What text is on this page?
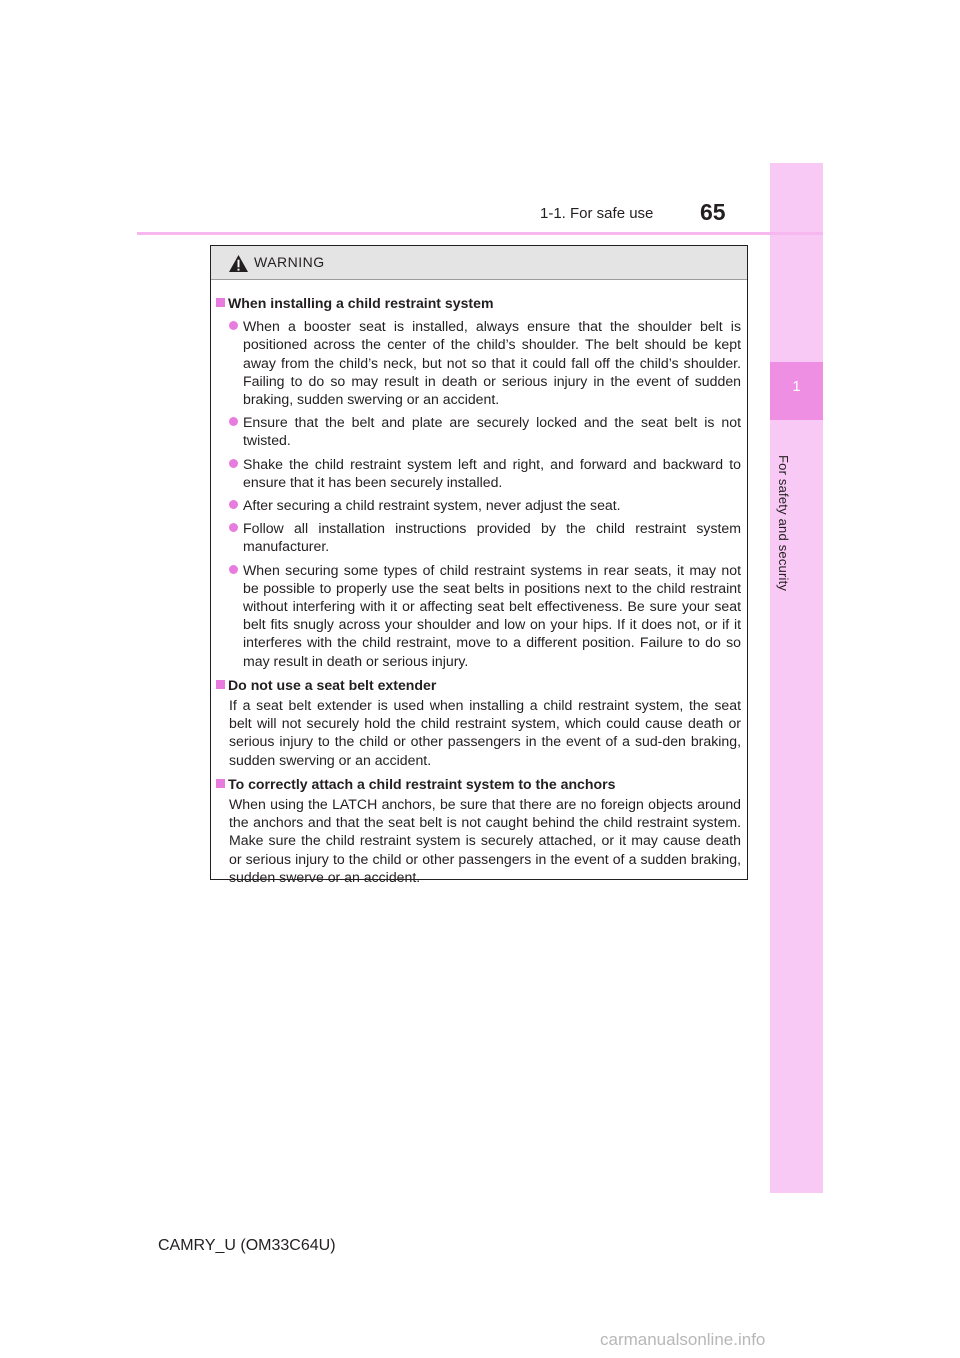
1
For safety and security
1-1. For safe use 65
WARNING
When installing a child restraint system
When a booster seat is installed, always ensure that the shoulder belt is positioned across the center of the child’s shoulder. The belt should be kept away from the child’s neck, but not so that it could fall off the child’s shoulder. Failing to do so may result in death or serious injury in the event of sudden braking, sudden swerving or an accident.
Ensure that the belt and plate are securely locked and the seat belt is not twisted.
Shake the child restraint system left and right, and forward and backward to ensure that it has been securely installed.
After securing a child restraint system, never adjust the seat.
Follow all installation instructions provided by the child restraint system manufacturer.
When securing some types of child restraint systems in rear seats, it may not be possible to properly use the seat belts in positions next to the child restraint without interfering with it or affecting seat belt effectiveness. Be sure your seat belt fits snugly across your shoulder and low on your hips. If it does not, or if it interferes with the child restraint, move to a different position. Failure to do so may result in death or serious injury.
Do not use a seat belt extender
If a seat belt extender is used when installing a child restraint system, the seat belt will not securely hold the child restraint system, which could cause death or serious injury to the child or other passengers in the event of a sud-den braking, sudden swerving or an accident.
To correctly attach a child restraint system to the anchors
When using the LATCH anchors, be sure that there are no foreign objects around the anchors and that the seat belt is not caught behind the child restraint system. Make sure the child restraint system is securely attached, or it may cause death or serious injury to the child or other passengers in the event of a sudden braking, sudden swerve or an accident.
CAMRY_U (OM33C64U)
carmanualsonline.info
